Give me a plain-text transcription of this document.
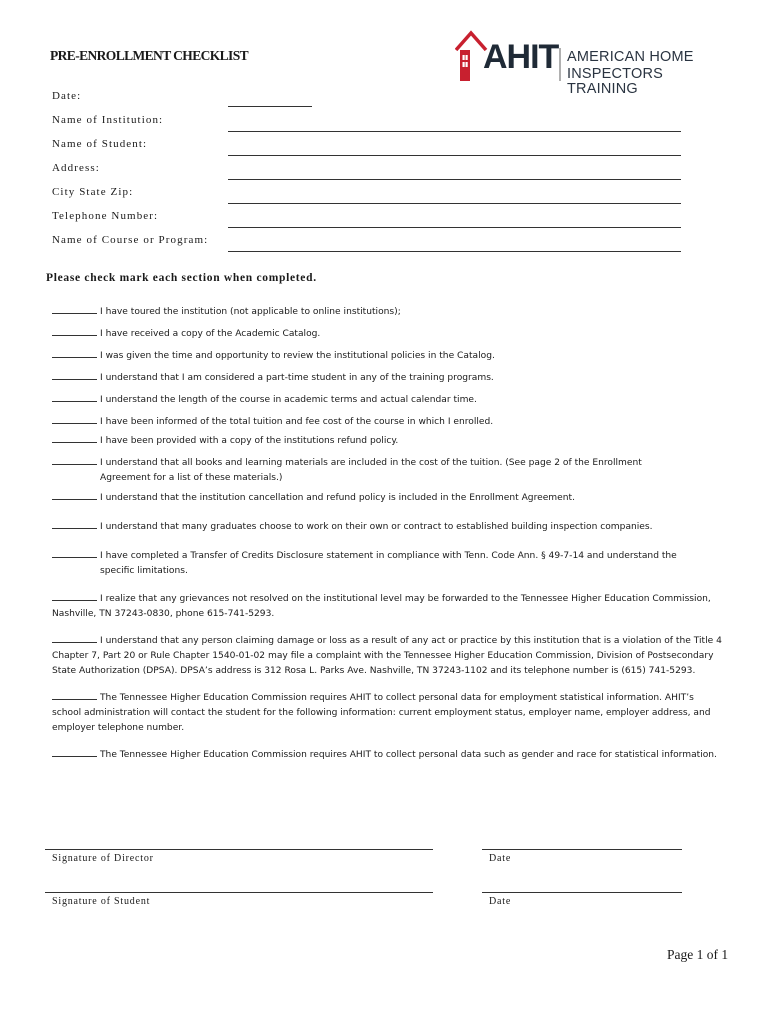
PRE-ENROLLMENT CHECKLIST	AHIT AMERICAN HOME
INSPECTORS TRAINING
Date:
Name of Institution:
Name of Student:
Address:
City State Zip:
Telephone Number:
Name of Course or Program:
Please check mark each section when completed.
I have toured the institution (not applicable to online institutions);
I have received a copy of the Academic Catalog.
I was given the time and opportunity to review the institutional policies in the Catalog.
I understand that I am considered a part-time student in any of the training programs.
I understand the length of the course in academic terms and actual calendar time.
I have been informed of the total tuition and fee cost of the course in which I enrolled.
I have been provided with a copy of the institutions refund policy.
I understand that all books and learning materials are included in the cost of the tuition. (See page 2 of the Enrollment
Agreement for a list of these materials.)
I understand that the institution cancellation and refund policy is included in the Enrollment Agreement.
I understand that many graduates choose to work on their own or contract to established building inspection companies.
I have completed a Transfer of Credits Disclosure statement in compliance with Tenn. Code Ann. § 49-7-14 and understand the
specific limitations.
I realize that any grievances not resolved on the institutional level may be forwarded to the Tennessee Higher Education Commission,
Nashville, TN 37243-0830, phone 615-741-5293.
I understand that any person claiming damage or loss as a result of any act or practice by this institution that is a violation of the Title 4
Chapter 7, Part 20 or Rule Chapter 1540-01-02 may file a complaint with the Tennessee Higher Education Commission, Division of Postsecondary
State Authorization (DPSA). DPSA’s address is 312 Rosa L. Parks Ave. Nashville, TN 37243-1102 and its telephone number is (615) 741-5293.
The Tennessee Higher Education Commission requires AHIT to collect personal data for employment statistical information. AHIT’s
school administration will contact the student for the following information: current employment status, employer name, employer address, and
employer telephone number.
The Tennessee Higher Education Commission requires AHIT to collect personal data such as gender and race for statistical information.
Signature of Director	Date
Signature of Student	Date
Page 1 of 1
